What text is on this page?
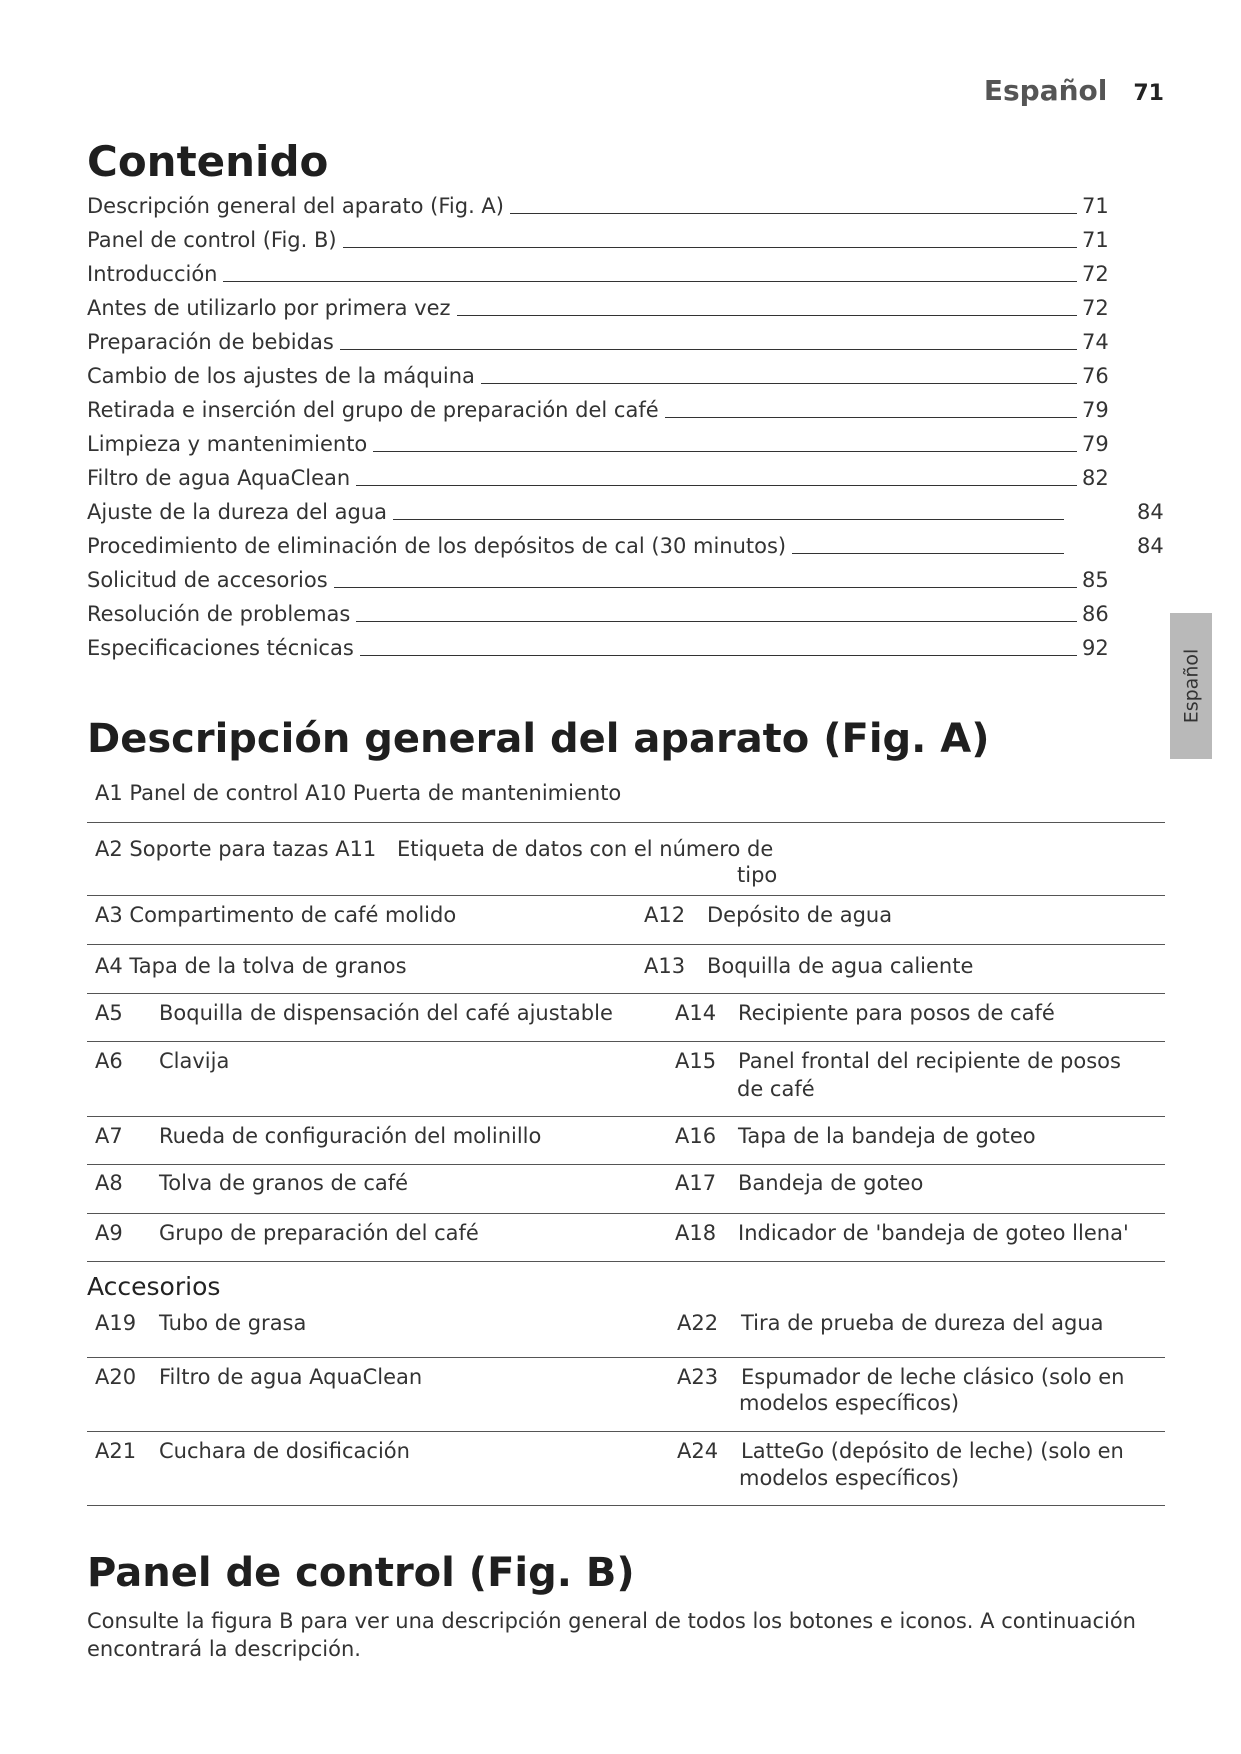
Español 71
Español
Contenido
Descripción general del aparato (Fig. A)	71
Panel de control (Fig. B)	71
Introducción	72
Antes de utilizarlo por primera vez	72
Preparación de bebidas	74
Cambio de los ajustes de la máquina	76
Retirada e inserción del grupo de preparación del café	79
Limpieza y mantenimiento	79
Filtro de agua AquaClean	82
Ajuste de la dureza del agua	84
Procedimiento de eliminación de los depósitos de cal (30 minutos)	84
Solicitud de accesorios	85
Resolución de problemas	86
Especificaciones técnicas	92
Descripción general del aparato (Fig. A)
A1 Panel de control A10 Puerta de mantenimiento
A2 Soporte para tazas A11 Etiqueta de datos con el número de
tipo
A3 Compartimento de café molido	A12 Depósito de agua
A4 Tapa de la tolva de granos	A13 Boquilla de agua caliente
A5 Boquilla de dispensación del café ajustable	A14 Recipiente para posos de café
A6 Clavija	A15 Panel frontal del recipiente de posos
de café
A7 Rueda de configuración del molinillo	A16 Tapa de la bandeja de goteo
A8 Tolva de granos de café	A17 Bandeja de goteo
A9 Grupo de preparación del café	A18 Indicador de 'bandeja de goteo llena'
Accesorios
A19 Tubo de grasa	A22 Tira de prueba de dureza del agua
A20 Filtro de agua AquaClean	A23 Espumador de leche clásico (solo en
modelos específicos)
A21 Cuchara de dosificación	A24 LatteGo (depósito de leche) (solo en
modelos específicos)
Panel de control (Fig. B)
Consulte la figura B para ver una descripción general de todos los botones e iconos. A continuación encontrará la descripción.
